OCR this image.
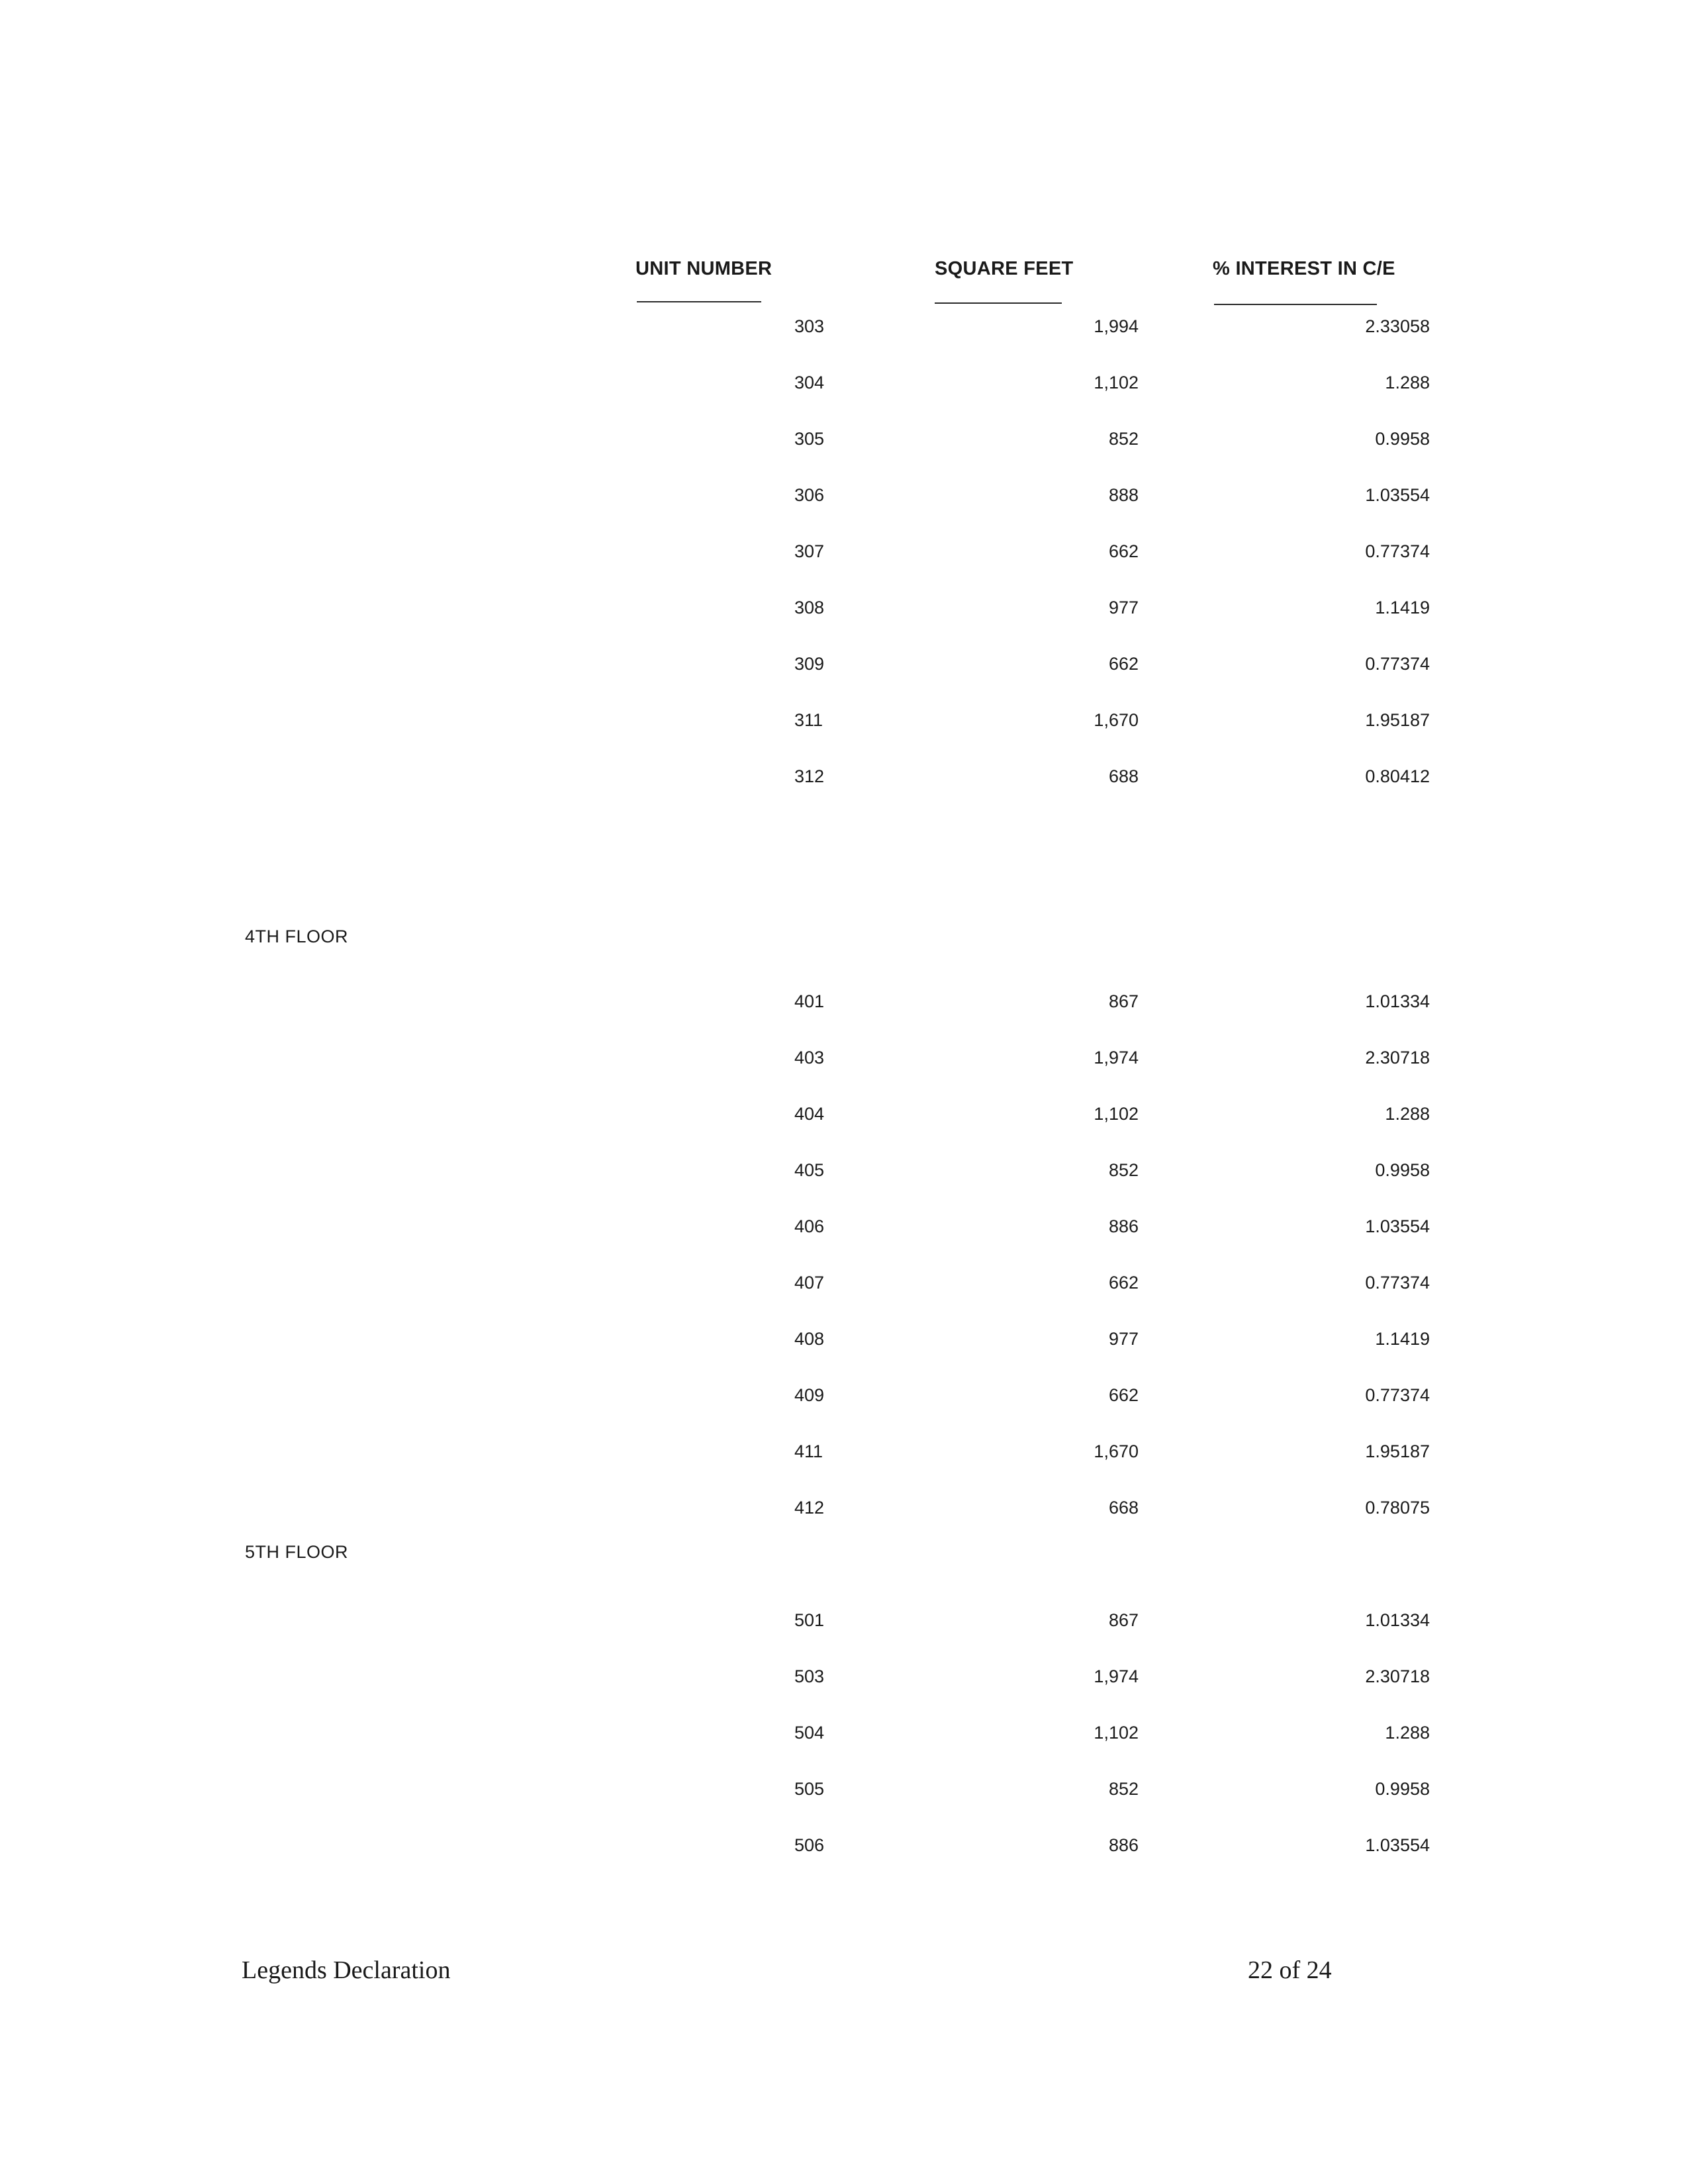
UNIT NUMBER	SQUARE FEET	% INTEREST IN C/E
4TH FLOOR
5TH FLOOR
303	1,994	2.33058
304	1,102	1.288
305	852	0.9958
306	888	1.03554
307	662	0.77374
308	977	1.1419
309	662	0.77374
311	1,670	1.95187
312	688	0.80412
401	867	1.01334
403	1,974	2.30718
404	1,102	1.288
405	852	0.9958
406	886	1.03554
407	662	0.77374
408	977	1.1419
409	662	0.77374
411	1,670	1.95187
412	668	0.78075
501	867	1.01334
503	1,974	2.30718
504	1,102	1.288
505	852	0.9958
506	886	1.03554
Legends Declaration	22 of 24
